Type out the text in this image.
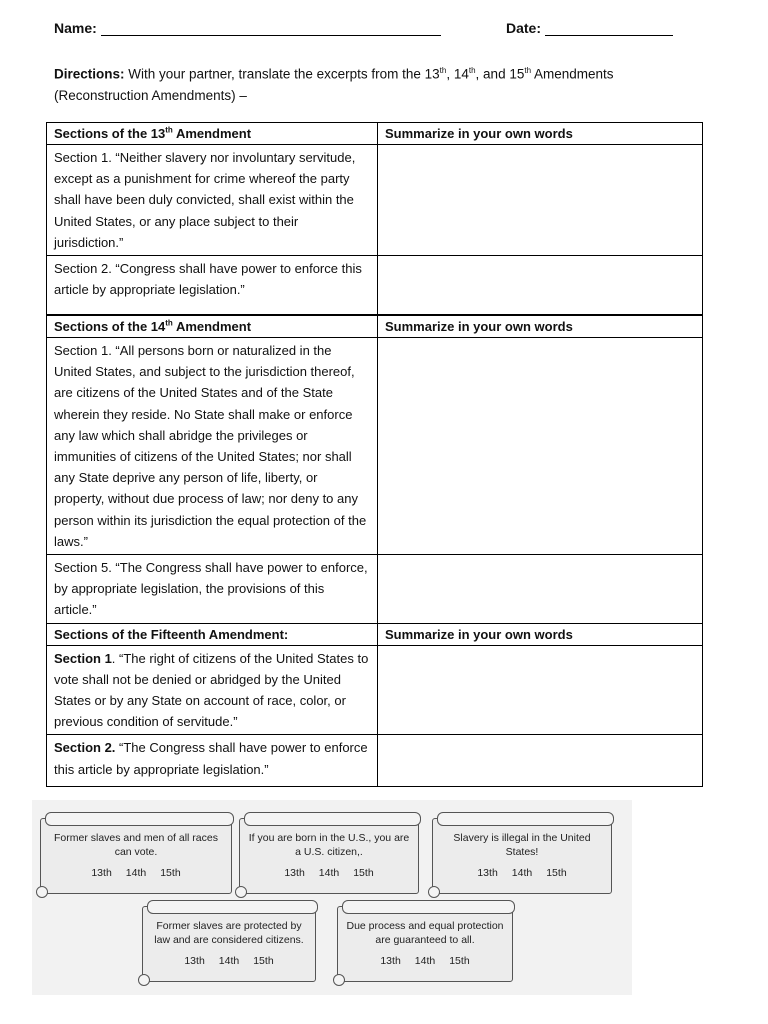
Name:	Date:
Directions: With your partner, translate the excerpts from the 13th, 14th, and 15th Amendments (Reconstruction Amendments) –
Sections of the 13th Amendment	Summarize in your own words
Section 1. “Neither slavery nor involuntary servitude, except as a punishment for crime whereof the party shall have been duly convicted, shall exist within the United States, or any place subject to their jurisdiction.”	
Section 2. “Congress shall have power to enforce this article by appropriate legislation.”	
Sections of the 14th Amendment	Summarize in your own words
Section 1. “All persons born or naturalized in the United States, and subject to the jurisdiction thereof, are citizens of the United States and of the State wherein they reside. No State shall make or enforce any law which shall abridge the privileges or immunities of citizens of the United States; nor shall any State deprive any person of life, liberty, or property, without due process of law; nor deny to any person within its jurisdiction the equal protection of the laws.”	
Section 5. “The Congress shall have power to enforce, by appropriate legislation, the provisions of this article.”	
Sections of the Fifteenth Amendment:	Summarize in your own words
Section 1. “The right of citizens of the United States to vote shall not be denied or abridged by the United States or by any State on account of race, color, or previous condition of servitude.”	
Section 2. “The Congress shall have power to enforce this article by appropriate legislation.”	
Former slaves and men of all races can vote.
13th 14th 15th
If you are born in the U.S., you are a U.S. citizen,.
13th 14th 15th
Slavery is illegal in the United States!
13th 14th 15th
Former slaves are protected by law and are considered citizens.
13th 14th 15th
Due process and equal protection are guaranteed to all.
13th 14th 15th
